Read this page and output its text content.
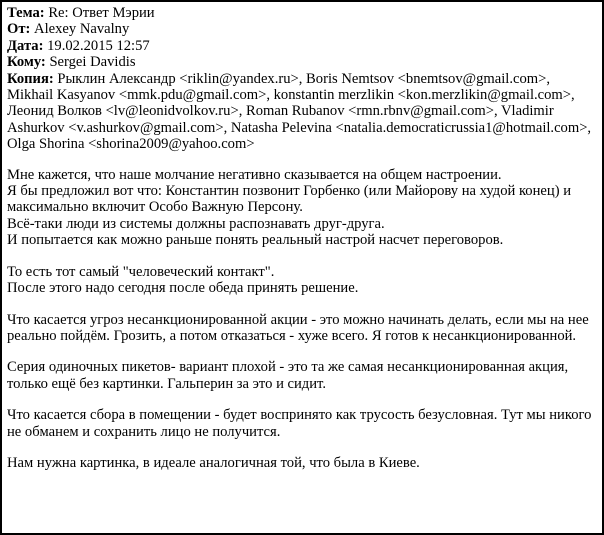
Тема: Re: Ответ Мэрии
От: Alexey Navalny
Дата: 19.02.2015 12:57
Кому: Sergei Davidis
Копия: Рыклин Александр <riklin@yandex.ru>, Boris Nemtsov <bnemtsov@gmail.com>, Mikhail Kasyanov <mmk.pdu@gmail.com>, konstantin merzlikin <kon.merzlikin@gmail.com>, Леонид Волков <lv@leonidvolkov.ru>, Roman Rubanov <rmn.rbnv@gmail.com>, Vladimir Ashurkov <v.ashurkov@gmail.com>, Natasha Pelevina <natalia.democraticrussia1@hotmail.com>, Olga Shorina <shorina2009@yahoo.com>
Мне кажется, что наше молчание негативно сказывается на общем настроении.
Я бы предложил вот что: Константин позвонит Горбенко (или Майорову на худой конец) и максимально включит Особо Важную Персону.
Всё-таки люди из системы должны распознавать друг-друга.
И попытается как можно раньше понять реальный настрой насчет переговоров.
То есть тот самый "человеческий контакт".
После этого надо сегодня после обеда принять решение.
Что касается угроз несанкционированной акции - это можно начинать делать, если мы на нее реально пойдём. Грозить, а потом отказаться - хуже всего. Я готов к несанкционированной.
Серия одиночных пикетов- вариант плохой - это та же самая несанкционированная акция, только ещё без картинки. Гальперин за это и сидит.
Что касается сбора в помещении - будет воспринято как трусость безусловная. Тут мы никого не обманем и сохранить лицо не получится.
Нам нужна картинка, в идеале аналогичная той, что была в Киеве.
